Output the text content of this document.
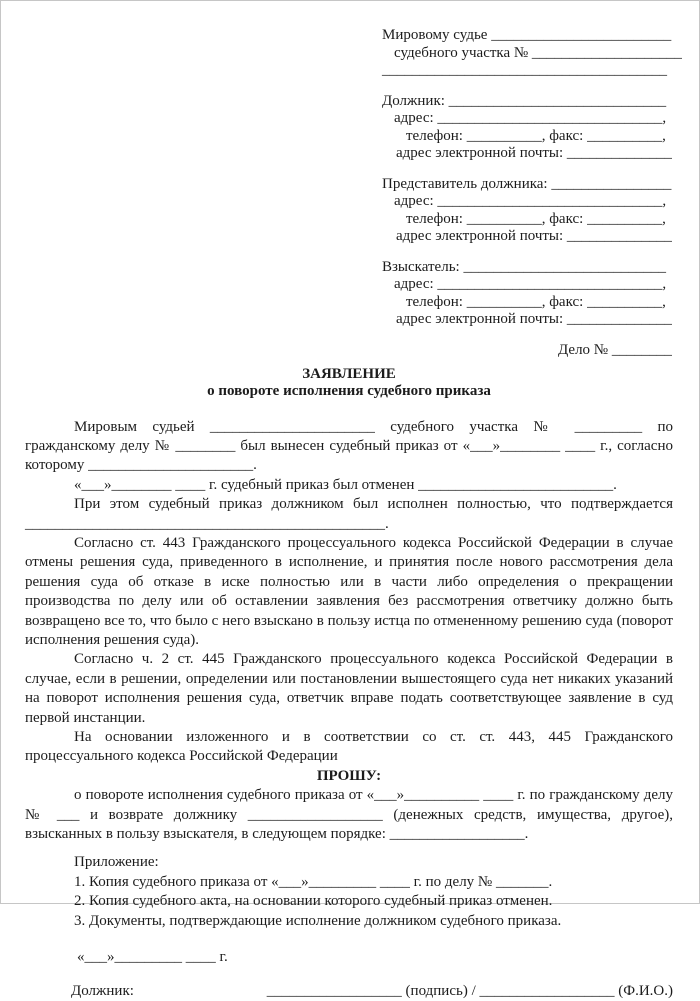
Мировому судье ________________________
судебного участка № ____________________
______________________________________
Должник: _____________________________
адрес: ______________________________,
телефон: __________, факс: __________,
адрес электронной почты: ______________
Представитель должника: ________________
адрес: ______________________________,
телефон: __________, факс: __________,
адрес электронной почты: ______________
Взыскатель: ___________________________
адрес: ______________________________,
телефон: __________, факс: __________,
адрес электронной почты: ______________
Дело № ________
ЗАЯВЛЕНИЕ
о повороте исполнения судебного приказа

Мировым судьей ______________________ судебного участка № _________ по гражданскому делу № ________ был вынесен судебный приказ от «___»________ ____ г., согласно которому ______________________.

«___»________ ____ г. судебный приказ был отменен __________________________.

При этом судебный приказ должником был исполнен полностью, что подтверждается ________________________________________________.

Согласно ст. 443 Гражданского процессуального кодекса Российской Федерации в случае отмены решения суда, приведенного в исполнение, и принятия после нового рассмотрения дела решения суда об отказе в иске полностью или в части либо определения о прекращении производства по делу или об оставлении заявления без рассмотрения ответчику должно быть возвращено все то, что было с него взыскано в пользу истца по отмененному решению суда (поворот исполнения решения суда).

Согласно ч. 2 ст. 445 Гражданского процессуального кодекса Российской Федерации в случае, если в решении, определении или постановлении вышестоящего суда нет никаких указаний на поворот исполнения решения суда, ответчик вправе подать соответствующее заявление в суд первой инстанции.

На основании изложенного и в соответствии со ст. ст. 443, 445 Гражданского процессуального кодекса Российской Федерации

ПРОШУ:

о повороте исполнения судебного приказа от «___»__________ ____ г. по гражданскому делу № ___ и возврате должнику __________________ (денежных средств, имущества, другое), взысканных в пользу взыскателя, в следующем порядке: __________________.

Приложение:
1. Копия судебного приказа от «___»_________ ____ г. по делу № _______.
2. Копия судебного акта, на основании которого судебный приказ отменен.
3. Документы, подтверждающие исполнение должником судебного приказа.
«___»_________ ____ г.
Должник:	__________________ (подпись) / __________________ (Ф.И.О.)
